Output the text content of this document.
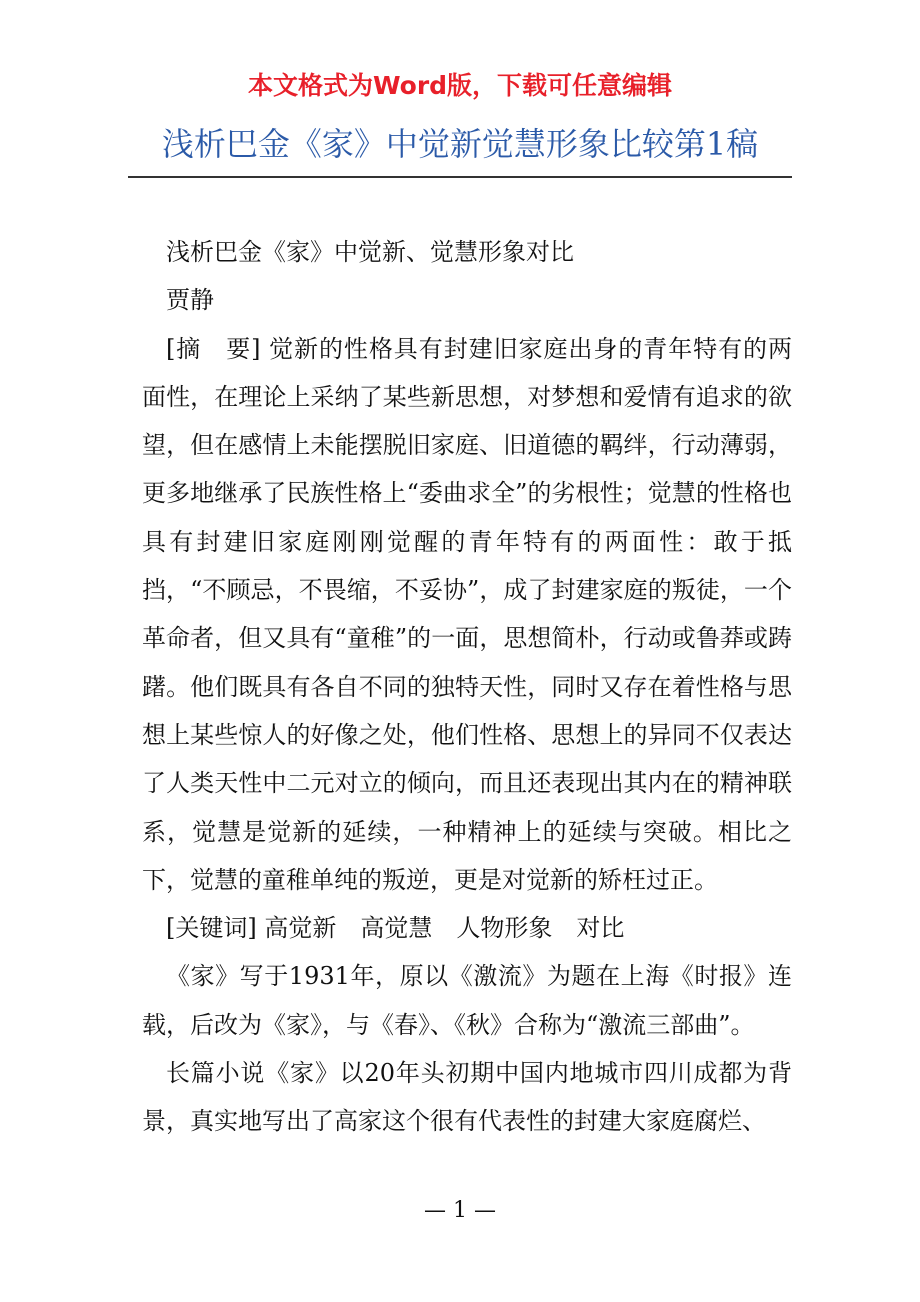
本文格式为Word版，下载可任意编辑
浅析巴金《家》中觉新觉慧形象比较第1稿

浅析巴金《家》中觉新、觉慧形象对比

贾静

[摘　要] 觉新的性格具有封建旧家庭出身的青年特有的两面性，在理论上采纳了某些新思想，对梦想和爱情有追求的欲望，但在感情上未能摆脱旧家庭、旧道德的羁绊，行动薄弱，更多地继承了民族性格上“委曲求全”的劣根性；觉慧的性格也具有封建旧家庭刚刚觉醒的青年特有的两面性：敢于抵挡，“不顾忌，不畏缩，不妥协”，成了封建家庭的叛徒，一个革命者，但又具有“童稚”的一面，思想简朴，行动或鲁莽或踌躇。他们既具有各自不同的独特天性，同时又存在着性格与思想上某些惊人的好像之处，他们性格、思想上的异同不仅表达了人类天性中二元对立的倾向，而且还表现出其内在的精神联系，觉慧是觉新的延续，一种精神上的延续与突破。相比之下，觉慧的童稚单纯的叛逆，更是对觉新的矫枉过正。

[关键词] 高觉新　高觉慧　人物形象　对比

《家》写于1931年，原以《激流》为题在上海《时报》连载，后改为《家》，与《春》、《秋》合称为“激流三部曲”。

长篇小说《家》以20年头初期中国内地城市四川成都为背景，真实地写出了高家这个很有代表性的封建大家庭腐烂、

— 1 —
